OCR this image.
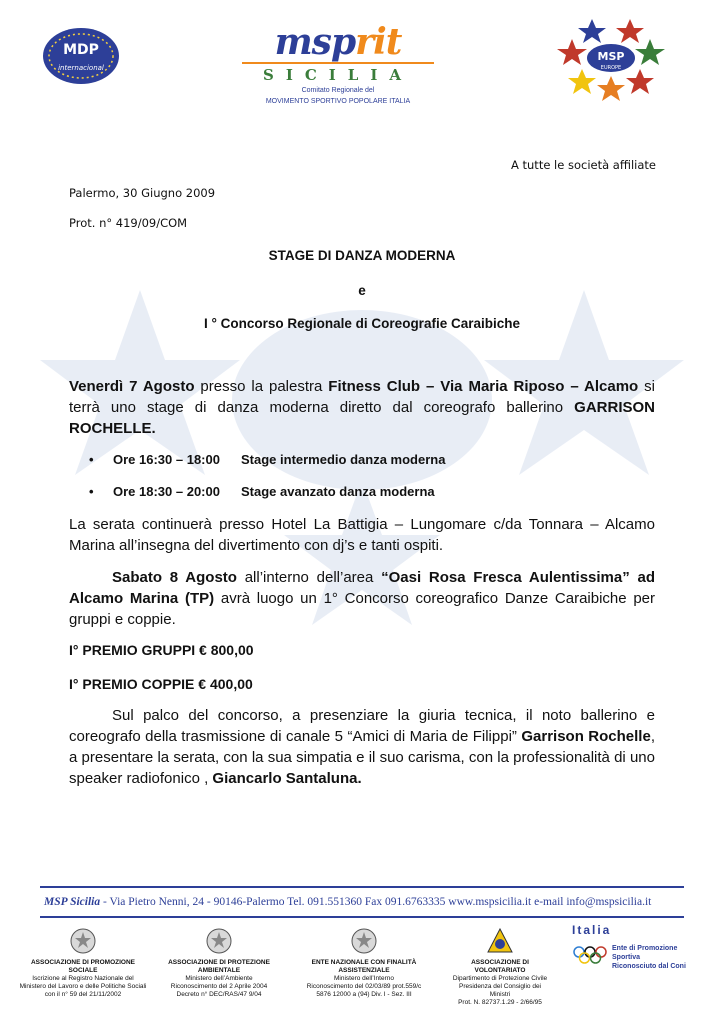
MDP
internacional
msprit
SICILIA
Comitato Regionale del
MOVIMENTO SPORTIVO POPOLARE ITALIA
MSP
EUROPE
A tutte le società affiliate
Palermo, 30 Giugno 2009
Prot. n° 419/09/COM
STAGE DI DANZA MODERNA
e
I ° Concorso Regionale di Coreografie Caraibiche
Venerdì 7 Agosto presso la palestra Fitness Club – Via Maria Riposo – Alcamo si terrà uno stage di danza moderna diretto dal coreografo ballerino GARRISON ROCHELLE.
• Ore 16:30 – 18:00 Stage intermedio danza moderna
• Ore 18:30 – 20:00 Stage avanzato danza moderna
La serata continuerà presso Hotel La Battigia – Lungomare c/da Tonnara – Alcamo Marina all’insegna del divertimento con dj’s e tanti ospiti.
Sabato 8 Agosto all’interno dell’area “Oasi Rosa Fresca Aulentissima” ad Alcamo Marina (TP) avrà luogo un 1° Concorso coreografico Danze Caraibiche per gruppi e coppie.
I° PREMIO GRUPPI € 800,00
I° PREMIO COPPIE € 400,00
Sul palco del concorso, a presenziare la giuria tecnica, il noto ballerino e coreografo della trasmissione di canale 5 “Amici di Maria de Filippi” Garrison Rochelle, a presentare la serata, con la sua simpatia e il suo carisma, con la professionalità di uno speaker radiofonico , Giancarlo Santaluna.
MSP Sicilia - Via Pietro Nenni, 24 - 90146-Palermo Tel. 091.551360 Fax 091.6763335 www.mspsicilia.it e-mail info@mspsicilia.it
ASSOCIAZIONE DI PROMOZIONE SOCIALE
Iscrizione al Registro Nazionale del
Ministero del Lavoro e delle Politiche Sociali
con il n° 59 del 21/11/2002
ASSOCIAZIONE DI PROTEZIONE AMBIENTALE
Ministero dell’Ambiente
Riconoscimento del 2 Aprile 2004
Decreto n° DEC/RAS/47 9/04
ENTE NAZIONALE CON FINALITÀ ASSISTENZIALE
Ministero dell’Interno
Riconoscimento del 02/03/89 prot.559/c
5876 12000 a (94) Div. I - Sez. III
ASSOCIAZIONE DI VOLONTARIATO
Dipartimento di Protezione Civile
Presidenza del Consiglio dei Ministri
Prot. N. 82737.1.29 - 2/66/95
Italia
Ente di Promozione Sportiva
Riconosciuto dal Coni
